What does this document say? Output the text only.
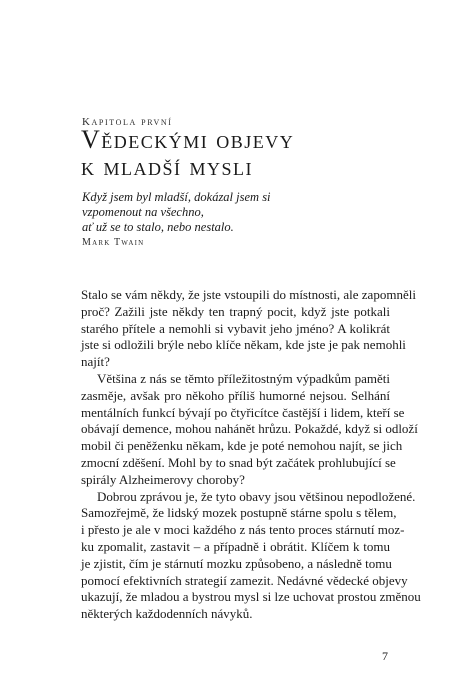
Kapitola první
Vědeckými objevy
k mladší mysli
Když jsem byl mladší, dokázal jsem si
vzpomenout na všechno,
ať už se to stalo, nebo nestalo.
Mark Twain

Stalo se vám někdy, že jste vstoupili do místnosti, ale zapomněli
proč? Zažili jste někdy ten trapný pocit, když jste potkali
starého přítele a nemohli si vybavit jeho jméno? A kolikrát
jste si odložili brýle nebo klíče někam, kde jste je pak nemohli
najít?

Většina z nás se těmto příležitostným výpadkům paměti
zasměje, avšak pro někoho příliš humorné nejsou. Selhání
mentálních funkcí bývají po čtyřicítce častější i lidem, kteří se
obávají demence, mohou nahánět hrůzu. Pokaždé, když si odloží
mobil či peněženku někam, kde je poté nemohou najít, se jich
zmocní zděšení. Mohl by to snad být začátek prohlubující se
spirály Alzheimerovy choroby?

Dobrou zprávou je, že tyto obavy jsou většinou nepodložené.
Samozřejmě, že lidský mozek postupně stárne spolu s tělem,
i přesto je ale v moci každého z nás tento proces stárnutí moz-
ku zpomalit, zastavit – a případně i obrátit. Klíčem k tomu
je zjistit, čím je stárnutí mozku způsobeno, a následně tomu
pomocí efektivních strategií zamezit. Nedávné vědecké objevy
ukazují, že mladou a bystrou mysl si lze uchovat prostou změnou
některých každodenních návyků.

7
